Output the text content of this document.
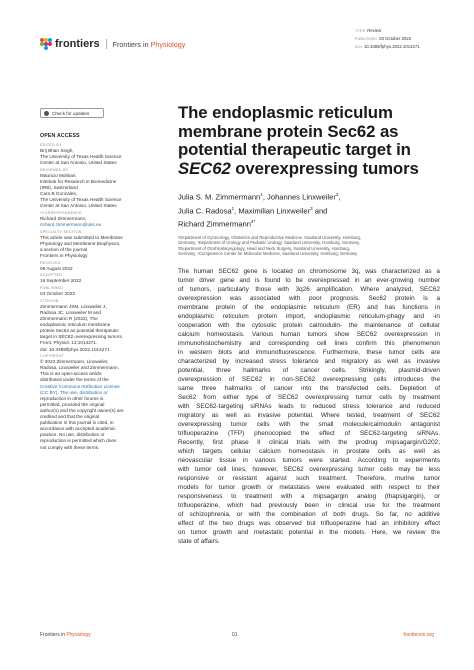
frontiers Frontiers in Physiology
TYPE Review
PUBLISHED 03 October 2022
DOI 10.3389/fphys.2022.1014271
Check for updates
OPEN ACCESS
EDITED BY
Brij Bhan Singh,
The University of Texas Health Science
Center at San Antonio, United States
REVIEWED BY
Mauricio Molinari,
Institute for Research in Biomedicine
(IRB), Switzerland
Cara B Gonzales,
The University of Texas Health Science
Center at San Antonio, United States
*CORRESPONDENCE
Richard Zimmermann,
richard.zimmermann@uks.eu
SPECIALTY SECTION
This article was submitted to Membrane
Physiology and Membrane Biophysics,
a section of the journal
Frontiers in Physiology
RECEIVED
08 August 2022
ACCEPTED
16 September 2022
PUBLISHED
03 October 2022
CITATION
Zimmermann JSM, Linxweiler J,
Radosa JC, Linxweiler M and
Zimmermann R (2022), The
endoplasmic reticulum membrane
protein Sec62 as potential therapeutic
target in SEC62 overexpressing tumors.
Front. Physiol. 13:1014271.
doi: 10.3389/fphys.2022.1014271
COPYRIGHT
© 2022 Zimmermann, Linxweiler,
Radosa, Linxweiler and Zimmermann.
This is an open-access article
distributed under the terms of the
Creative Commons Attribution License
(CC BY). The use, distribution or
reproduction in other forums is
permitted, provided the original
author(s) and the copyright owner(s) are
credited and that the original
publication in this journal is cited, in
accordance with accepted academic
practice. No use, distribution or
reproduction is permitted which does
not comply with these terms.
The endoplasmic reticulum
membrane protein Sec62 as
potential therapeutic target in
SEC62 overexpressing tumors
Julia S. M. Zimmermann$^1$, Johannes Linxweiler$^2$,
Julia C. Radosa$^1$, Maximilian Linxweiler$^3$ and
Richard Zimmermann$^{4*}$
¹Department of Gynecology, Obstetrics and Reproductive Medicine, Saarland University, Homburg,
Germany, ²Department of Urology and Pediatric Urology, Saarland University, Homburg, Germany,
³Department of Otorhinolaryngology, Head and Neck Surgery, Saarland University, Homburg,
Germany, ⁴Competence Center for Molecular Medicine, Saarland University, Homburg, Germany
The human SEC62 gene is located on chromosome 3q, was characterized as a
tumor driver gene and is found to be overexpressed in an ever-growing number
of tumors, particularly those with 3q26 amplification. Where analyzed, SEC62
overexpression was associated with poor prognosis. Sec62 protein is a
membrane protein of the endoplasmic reticulum (ER) and has functions in
endoplasmic reticulum protein import, endoplasmic reticulum-phagy and -in
cooperation with the cytosolic protein calmodulin- the maintenance of cellular
calcium homeostasis. Various human tumors show SEC62 overexpression in
immunohistochemistry and corresponding cell lines confirm this phenomenon
in western blots and immunofluorescence. Furthermore, these tumor cells are
characterized by increased stress tolerance and migratory as well as invasive
potential, three hallmarks of cancer cells. Strikingly, plasmid-driven
overexpression of SEC62 in non-SEC62 overexpressing cells introduces the
same three hallmarks of cancer into the transfected cells. Depletion of
Sec62 from either type of SEC62 overexpressing tumor cells by treatment
with SEC62-targeting siRNAs leads to reduced stress tolerance and reduced
migratory as well as invasive potential. Where tested, treatment of SEC62
overexpressing tumor cells with the small molecule/calmodulin antagonist
trifluoperazine (TFP) phenocopied the effect of SEC62-targeting siRNAs.
Recently, first phase II clinical trials with the prodrug mipsagargin/G202,
which targets cellular calcium homeostasis in prostate cells as well as
neovascular tissue in various tumors were started. According to experiments
with tumor cell lines, however, SEC62 overexpressing tumor cells may be less
responsive or resistant against such treatment. Therefore, murine tumor
models for tumor growth or metastasis were evaluated with respect to their
responsiveness to treatment with a mipsagargin analog (thapsigargin), or
trifluoperazine, which had previously been in clinical use for the treatment
of schizophrenia, or with the combination of both drugs. So far, no additive
effect of the two drugs was observed but trifluoperazine had an inhibitory effect
on tumor growth and metastatic potential in the models. Here, we review the
state of affairs.
Frontiers in Physiology	01	frontiersin.org
